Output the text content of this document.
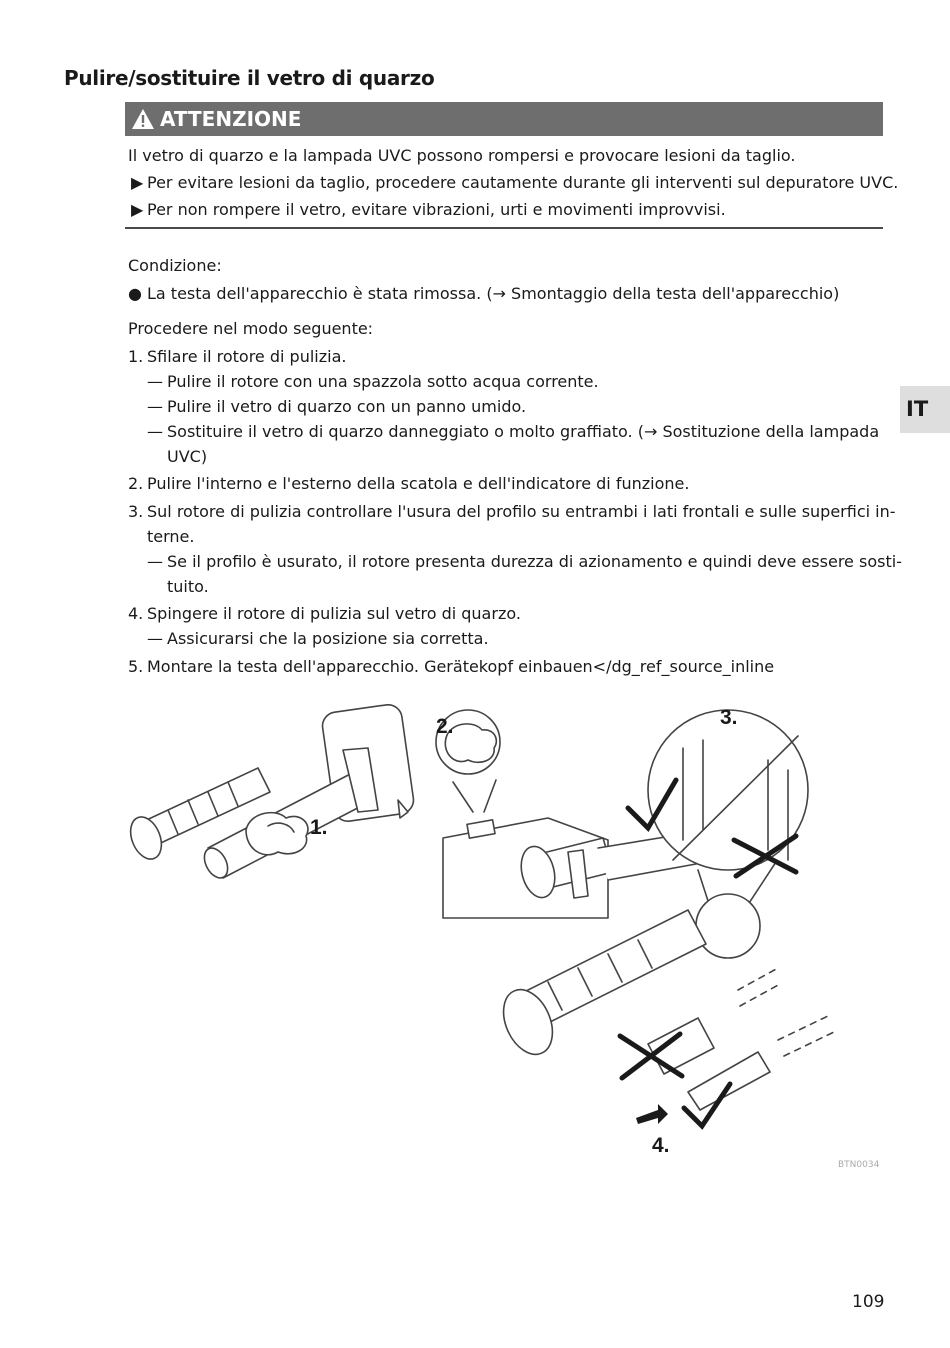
Pulire/sostituire il vetro di quarzo
ATTENZIONE
Il vetro di quarzo e la lampada UVC possono rompersi e provocare lesioni da taglio.
▶ Per evitare lesioni da taglio, procedere cautamente durante gli interventi sul depuratore UVC.
▶ Per non rompere il vetro, evitare vibrazioni, urti e movimenti improvvisi.
Condizione:
● La testa dell'apparecchio è stata rimossa. (→ Smontaggio della testa dell'apparecchio)
Procedere nel modo seguente:
1. Sfilare il rotore di pulizia.
— Pulire il rotore con una spazzola sotto acqua corrente.
— Pulire il vetro di quarzo con un panno umido.
— Sostituire il vetro di quarzo danneggiato o molto graffiato. (→ Sostituzione della lampada
UVC)
2. Pulire l'interno e l'esterno della scatola e dell'indicatore di funzione.
3. Sul rotore di pulizia controllare l'usura del profilo su entrambi i lati frontali e sulle superfici in-
terne.
— Se il profilo è usurato, il rotore presenta durezza di azionamento e quindi deve essere sosti-
tuito.
4. Spingere il rotore di pulizia sul vetro di quarzo.
— Assicurarsi che la posizione sia corretta.
5. Montare la testa dell'apparecchio. Gerätekopf einbauen</dg_ref_source_inline
IT
1.
2.	3.
4.
BTN0034
109
